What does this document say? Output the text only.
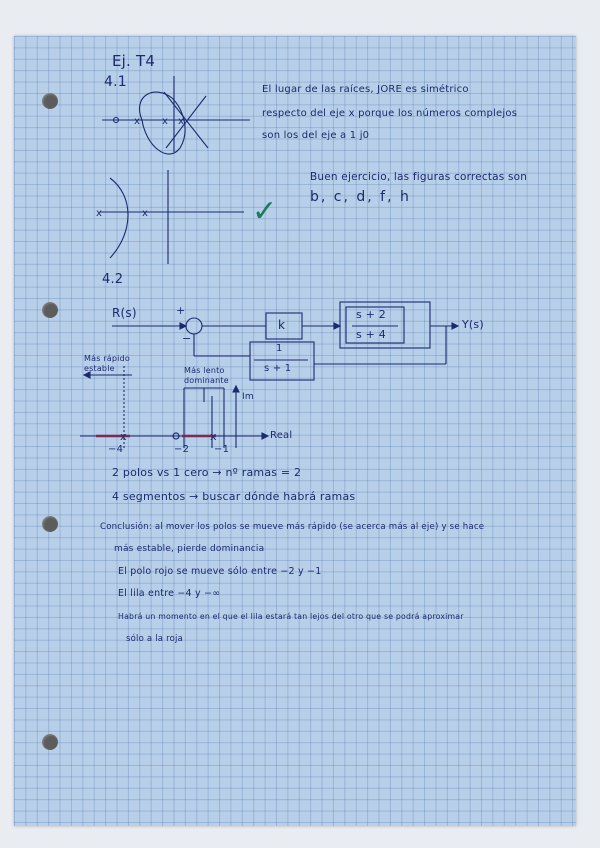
Ej. T4
4.1	El lugar de las raíces, JORE es simétrico
respecto del eje x porque los números complejos
son los del eje a 1 j0
Buen ejercicio, las figuras correctas son
b, c, d, f, h
✓
4.2
x x x
x	x
x	x
R(s)	+
−
k
s + 2
s + 4
1
s + 1
Y(s)
Más rápido
estable	Más lento
dominante
Im
Real
−4	−2 −1
2 polos vs 1 cero → nº ramas = 2
4 segmentos → buscar dónde habrá ramas
Conclusión: al mover los polos se mueve más rápido (se acerca más al eje) y se hace
más estable, pierde dominancia
El polo rojo se mueve sólo entre −2 y −1
El lila entre −4 y −∞
Habrá un momento en el que el lila estará tan lejos del otro que se podrá aproximar
sólo a la roja
